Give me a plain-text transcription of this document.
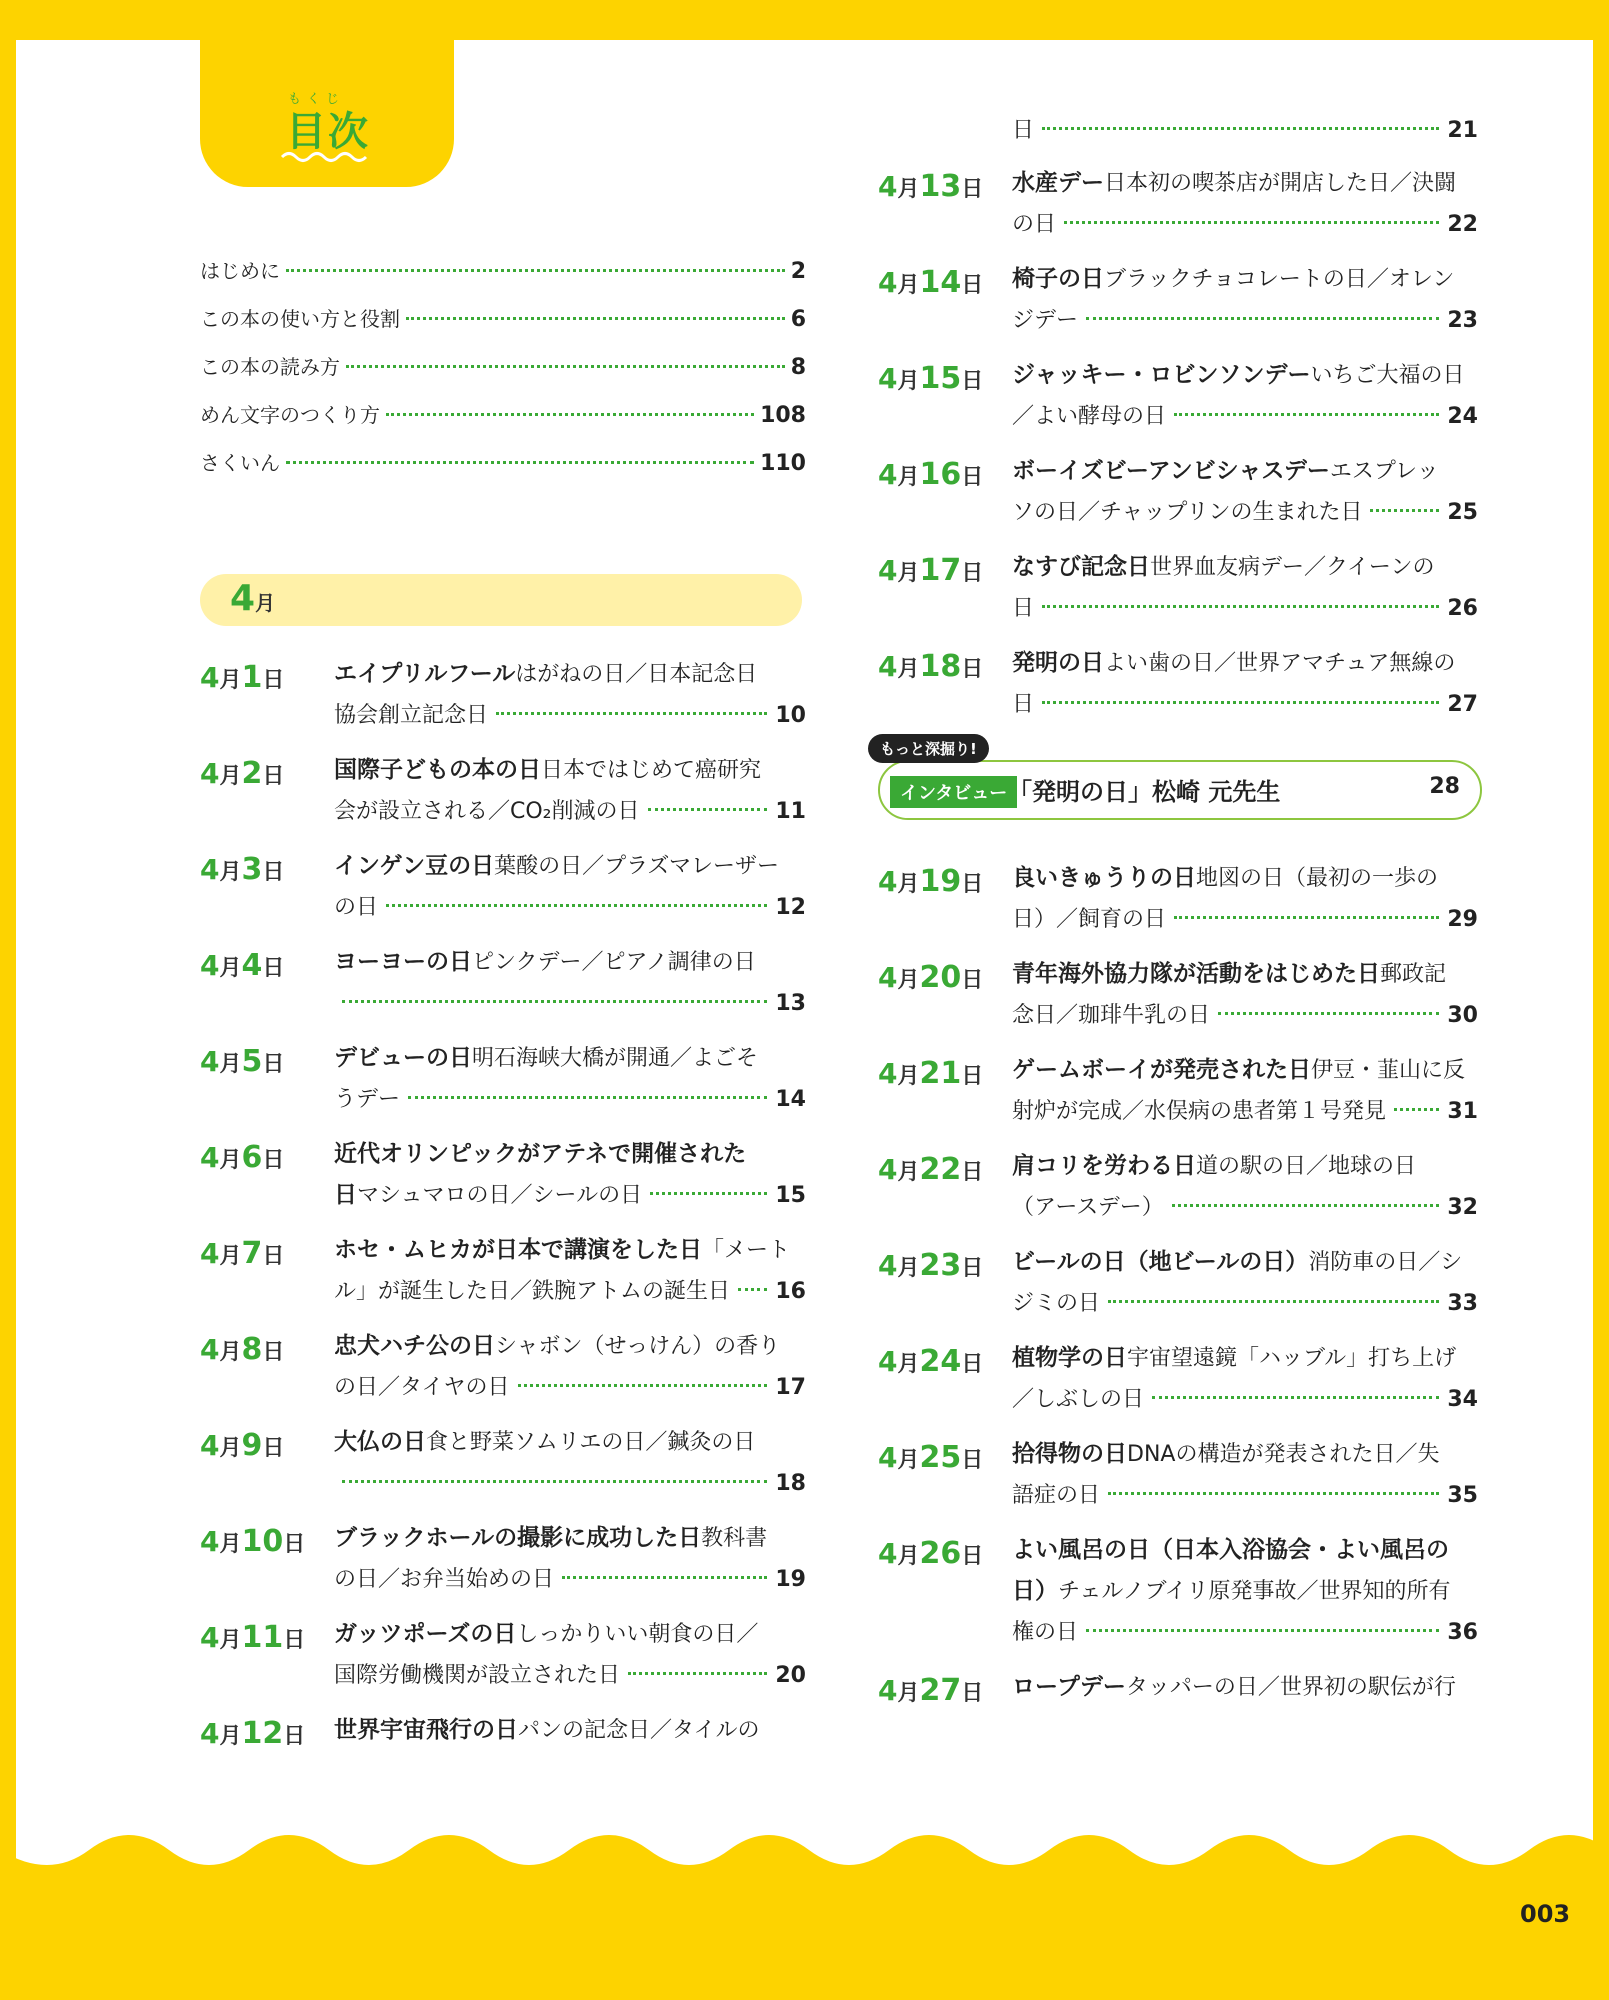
もくじ
目次
はじめに	2
この本の使い方と役割	6
この本の読み方	8
めん文字のつくり方	108
さくいん	110
4月
4月1日 エイプリルフール はがねの日／日本記念日
協会創立記念日	10
4月2日 国際子どもの本の日 日本ではじめて癌研究
会が設立される／CO₂削減の日	11
4月3日 インゲン豆の日 葉酸の日／プラズマレーザー
の日	12
4月4日 ヨーヨーの日 ピンクデー／ピアノ調律の日
13
4月5日 デビューの日 明石海峡大橋が開通／よごそ
うデー	14
4月6日 近代オリンピックがアテネで開催された
日 マシュマロの日／シールの日	15
4月7日 ホセ・ムヒカが日本で講演をした日 「メート
ル」が誕生した日／鉄腕アトムの誕生日 16
4月8日 忠犬ハチ公の日 シャボン（せっけん）の香り
の日／タイヤの日	17
4月9日 大仏の日 食と野菜ソムリエの日／鍼灸の日
18
4月10日 ブラックホールの撮影に成功した日 教科書
の日／お弁当始めの日	19
4月11日 ガッツポーズの日 しっかりいい朝食の日／
国際労働機関が設立された日	20
4月12日 世界宇宙飛行の日 パンの記念日／タイルの
日	21
4月13日 水産デー 日本初の喫茶店が開店した日／決闘
の日	22
4月14日 椅子の日 ブラックチョコレートの日／オレン
ジデー	23
4月15日 ジャッキー・ロビンソンデー いちご大福の日
／よい酵母の日	24
4月16日 ボーイズビーアンビシャスデー エスプレッ
ソの日／チャップリンの生まれた日	25
4月17日 なすび記念日 世界血友病デー／クイーンの
日	26
4月18日 発明の日 よい歯の日／世界アマチュア無線の
日	27
もっと深掘り!
インタビュー 「発明の日」松崎 元先生	28
4月19日 良いきゅうりの日 地図の日（最初の一歩の
日）／飼育の日	29
4月20日 青年海外協力隊が活動をはじめた日 郵政記
念日／珈琲牛乳の日	30
4月21日 ゲームボーイが発売された日 伊豆・韮山に反
射炉が完成／水俣病の患者第１号発見	31
4月22日 肩コリを労わる日 道の駅の日／地球の日
（アースデー）	32
4月23日 ビールの日（地ビールの日） 消防車の日／シ
ジミの日	33
4月24日 植物学の日 宇宙望遠鏡「ハッブル」打ち上げ
／しぶしの日	34
4月25日 拾得物の日 DNAの構造が発表された日／失
語症の日	35
4月26日 よい風呂の日（日本入浴協会・よい風呂の
日） チェルノブイリ原発事故／世界知的所有
権の日	36
4月27日 ロープデー タッパーの日／世界初の駅伝が行
003
